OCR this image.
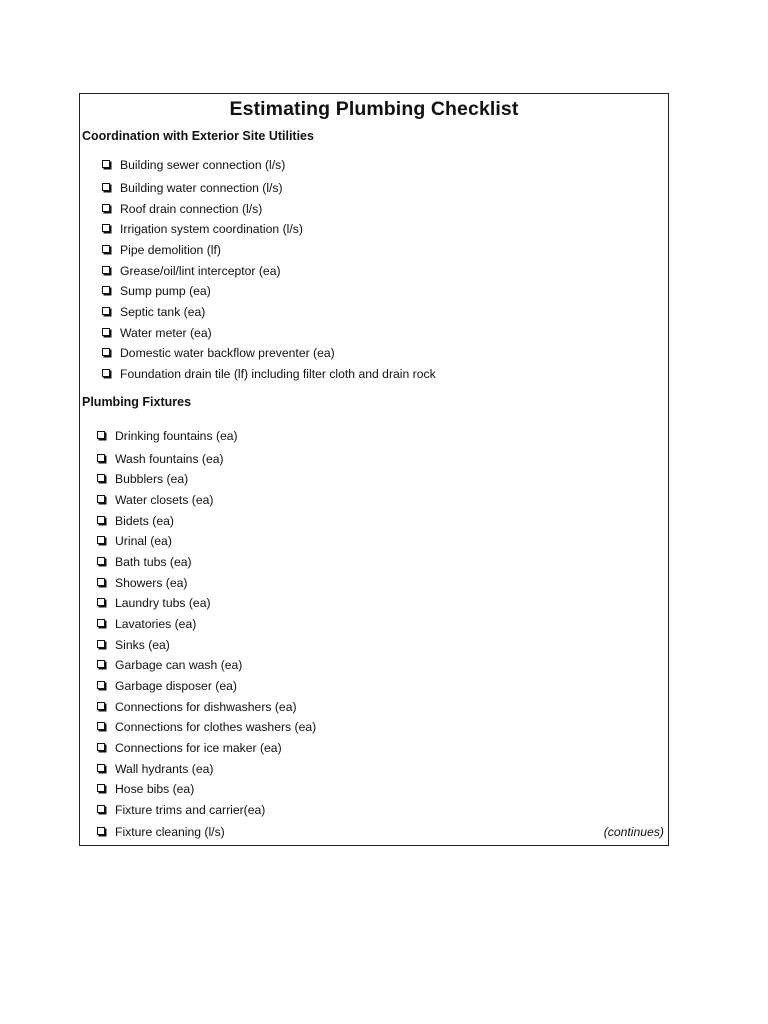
Estimating Plumbing Checklist
Coordination with Exterior Site Utilities
Building sewer connection (l/s)
Building water connection (l/s)
Roof drain connection (l/s)
Irrigation system coordination (l/s)
Pipe demolition (lf)
Grease/oil/lint interceptor (ea)
Sump pump (ea)
Septic tank (ea)
Water meter (ea)
Domestic water backflow preventer (ea)
Foundation drain tile (lf) including filter cloth and drain rock
Plumbing Fixtures
Drinking fountains (ea)
Wash fountains (ea)
Bubblers (ea)
Water closets (ea)
Bidets (ea)
Urinal (ea)
Bath tubs (ea)
Showers (ea)
Laundry tubs (ea)
Lavatories (ea)
Sinks (ea)
Garbage can wash (ea)
Garbage disposer (ea)
Connections for dishwashers (ea)
Connections for clothes washers (ea)
Connections for ice maker (ea)
Wall hydrants (ea)
Hose bibs (ea)
Fixture trims and carrier(ea)
Fixture cleaning (l/s)	(continues)
